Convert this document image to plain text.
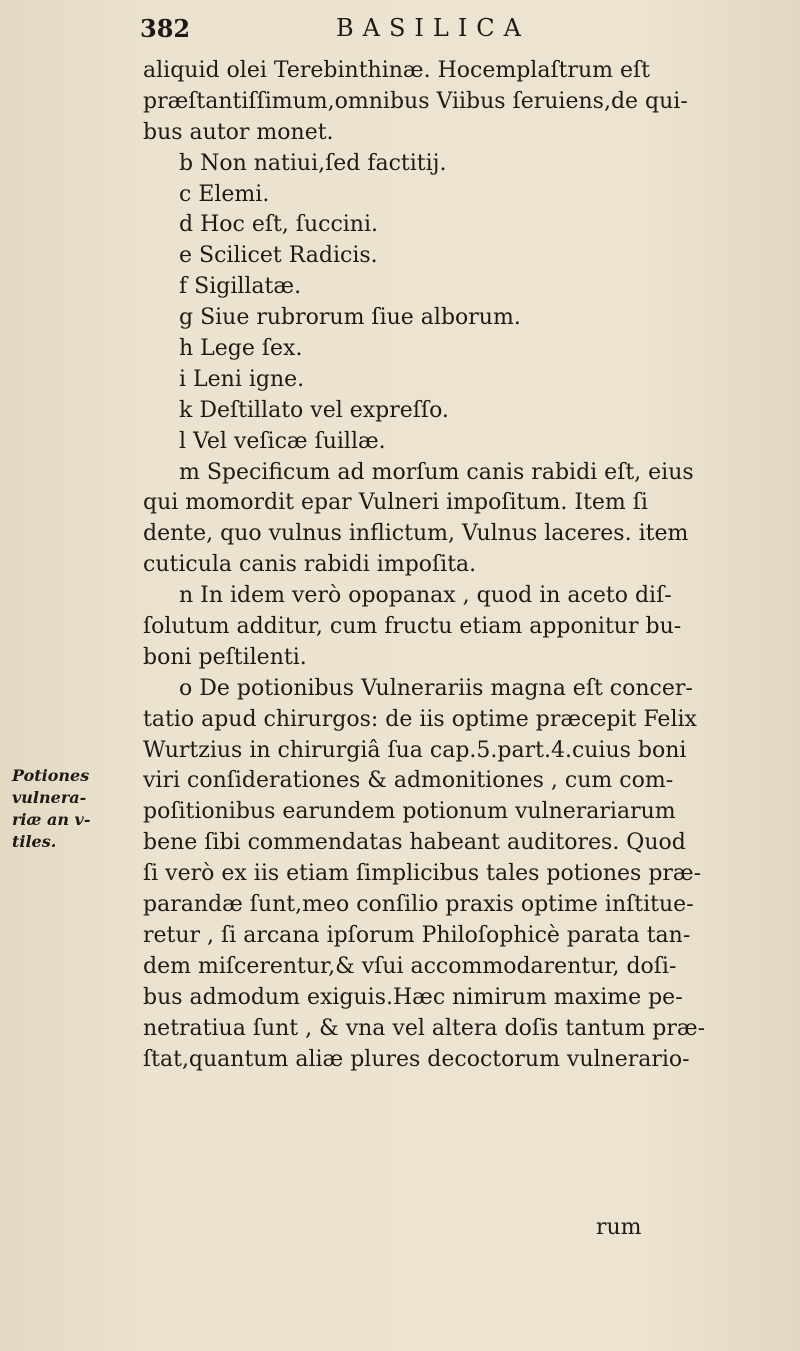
382	BASILICA
Potiones
vulnera-
riæ an v-
tiles.
aliquid olei Terebinthinæ. Hocemplaſtrum eſt
præſtantiſſimum,omnibus Viibus ſeruiens,de qui-
bus autor monet.
b Non natiui,ſed factitij.
c Elemi.
d Hoc eſt, ſuccini.
e Scilicet Radicis.
f Sigillatæ.
g Siue rubrorum ſiue alborum.
h Lege ſex.
i Leni igne.
k Deſtillato vel expreſſo.
l Vel veſicæ ſuillæ.
m Specificum ad morſum canis rabidi eſt, eius
qui momordit epar Vulneri impoſitum. Item ſi
dente, quo vulnus inflictum, Vulnus laceres. item
cuticula canis rabidi impoſita.
n In idem verò opopanax , quod in aceto diſ-
ſolutum additur, cum fructu etiam apponitur bu-
boni peſtilenti.
o De potionibus Vulnerariis magna eſt concer-
tatio apud chirurgos: de iis optime præcepit Felix
Wurtzius in chirurgiâ ſua cap.5.part.4.cuius boni
viri conſiderationes & admonitiones , cum com-
poſitionibus earundem potionum vulnerariarum
bene ſibi commendatas habeant auditores. Quod
ſi verò ex iis etiam ſimplicibus tales potiones præ-
parandæ ſunt,meo conſilio praxis optime inſtitue-
retur , ſi arcana ipſorum Philoſophicè parata tan-
dem miſcerentur,& vſui accommodarentur, doſi-
bus admodum exiguis.Hæc nimirum maxime pe-
netratiua ſunt , & vna vel altera doſis tantum præ-
ſtat,quantum aliæ plures decoctorum vulnerario-
rum
